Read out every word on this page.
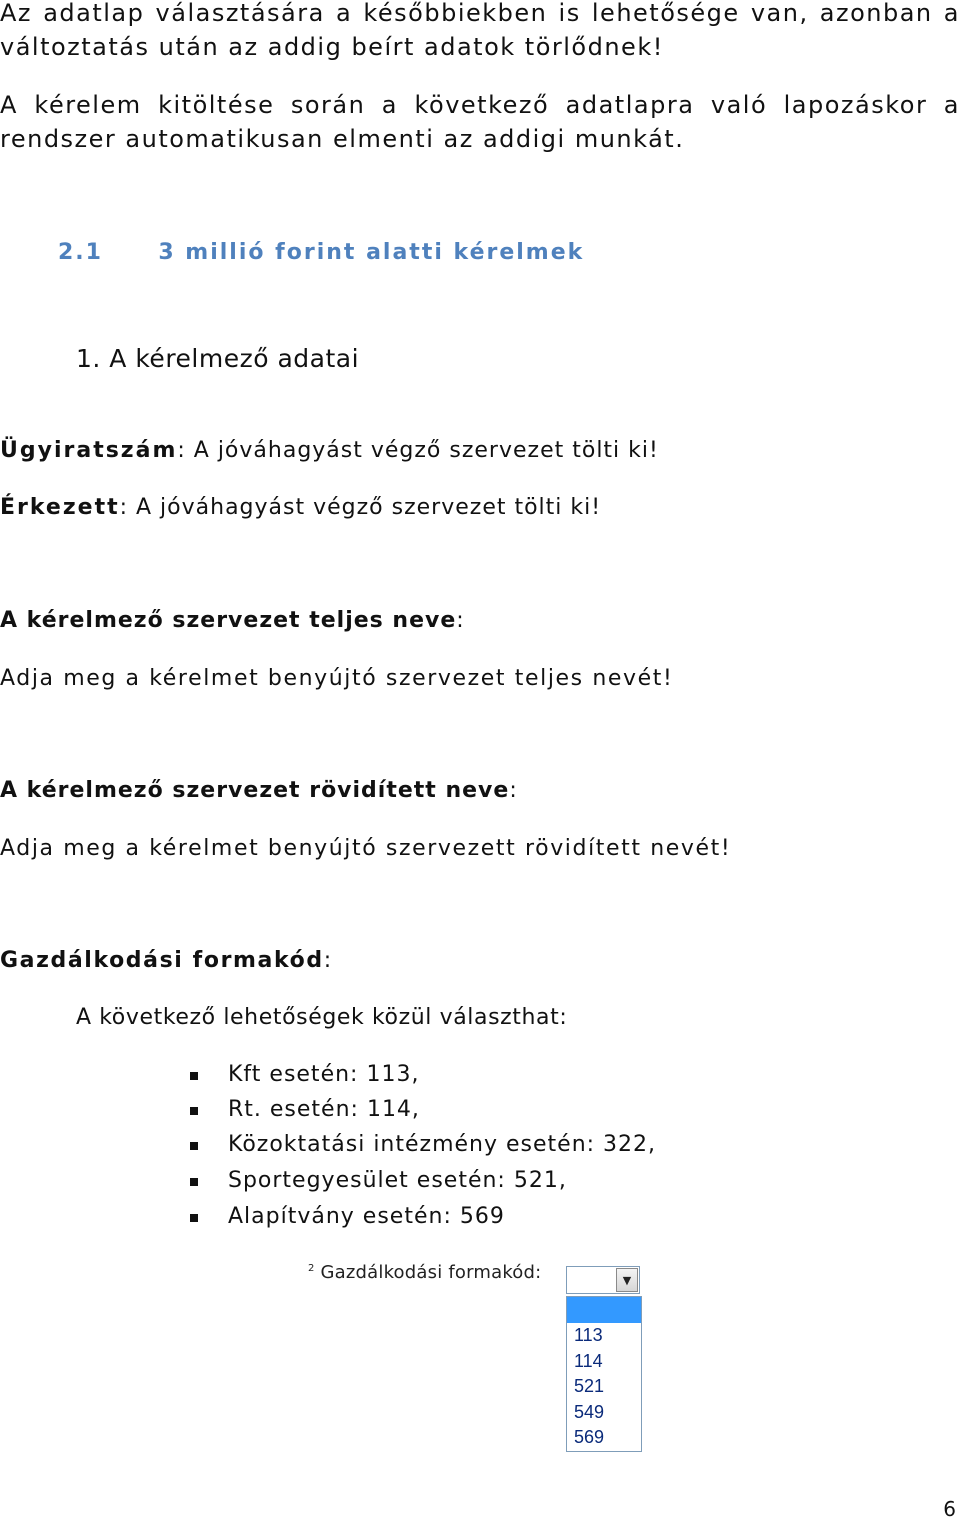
Az adatlap választására a későbbiekben is lehetősége van, azonban a
változtatás után az addig beírt adatok törlődnek!
A kérelem kitöltése során a következő adatlapra való lapozáskor a
rendszer automatikusan elmenti az addigi munkát.
2.1	3 millió forint alatti kérelmek
1. A kérelmező adatai
Ügyiratszám: A jóváhagyást végző szervezet tölti ki!
Érkezett: A jóváhagyást végző szervezet tölti ki!
A kérelmező szervezet teljes neve:
Adja meg a kérelmet benyújtó szervezet teljes nevét!
A kérelmező szervezet rövidített neve:
Adja meg a kérelmet benyújtó szervezett rövidített nevét!
Gazdálkodási formakód:
A következő lehetőségek közül választhat:
Kft esetén: 113,
Rt. esetén: 114,
Közoktatási intézmény esetén: 322,
Sportegyesület esetén: 521,
Alapítvány esetén: 569
$^2$ Gazdálkodási formakód:	▼
113
114
521
549
569
6
